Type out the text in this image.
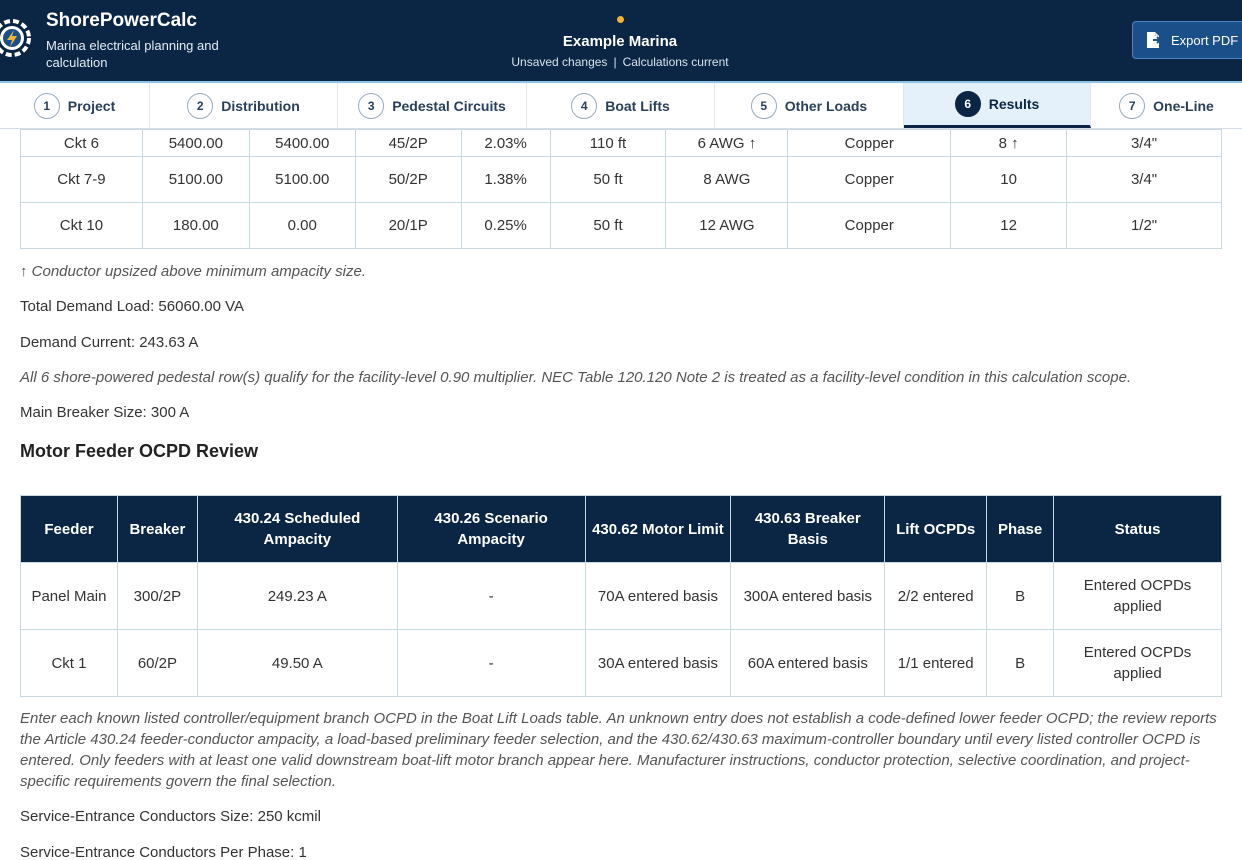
ShorePowerCalc
Marina electrical planning and calculation
Example Marina
Unsaved changes | Calculations current
Export PDF
1	Project	2	Distribution	3	Pedestal Circuits	4	Boat Lifts	5	Other Loads	6	Results	7	One-Line
Ckt 6	5400.00	5400.00	45/2P	2.03%	110 ft	6 AWG ↑	Copper	8 ↑	3/4"
Ckt 7-9	5100.00	5100.00	50/2P	1.38%	50 ft	8 AWG	Copper	10	3/4"
Ckt 10	180.00	0.00	20/1P	0.25%	50 ft	12 AWG	Copper	12	1/2"

↑ Conductor upsized above minimum ampacity size.

Total Demand Load: 56060.00 VA

Demand Current: 243.63 A

All 6 shore-powered pedestal row(s) qualify for the facility-level 0.90 multiplier. NEC Table 120.120 Note 2 is treated as a facility-level condition in this calculation scope.

Main Breaker Size: 300 A

Motor Feeder OCPD Review
Feeder	Breaker	430.24 Scheduled Ampacity	430.26 Scenario Ampacity	430.62 Motor Limit	430.63 Breaker Basis	Lift OCPDs	Phase	Status
Panel Main	300/2P	249.23 A	-	70A entered basis	300A entered basis	2/2 entered	B	Entered OCPDs applied
Ckt 1	60/2P	49.50 A	-	30A entered basis	60A entered basis	1/1 entered	B	Entered OCPDs applied

Enter each known listed controller/equipment branch OCPD in the Boat Lift Loads table. An unknown entry does not establish a code-defined lower feeder OCPD; the review reports the Article 430.24 feeder-conductor ampacity, a load-based preliminary feeder selection, and the 430.62/430.63 maximum-controller boundary until every listed controller OCPD is entered. Only feeders with at least one valid downstream boat-lift motor branch appear here. Manufacturer instructions, conductor protection, selective coordination, and project-specific requirements govern the final selection.

Service-Entrance Conductors Size: 250 kcmil

Service-Entrance Conductors Per Phase: 1
